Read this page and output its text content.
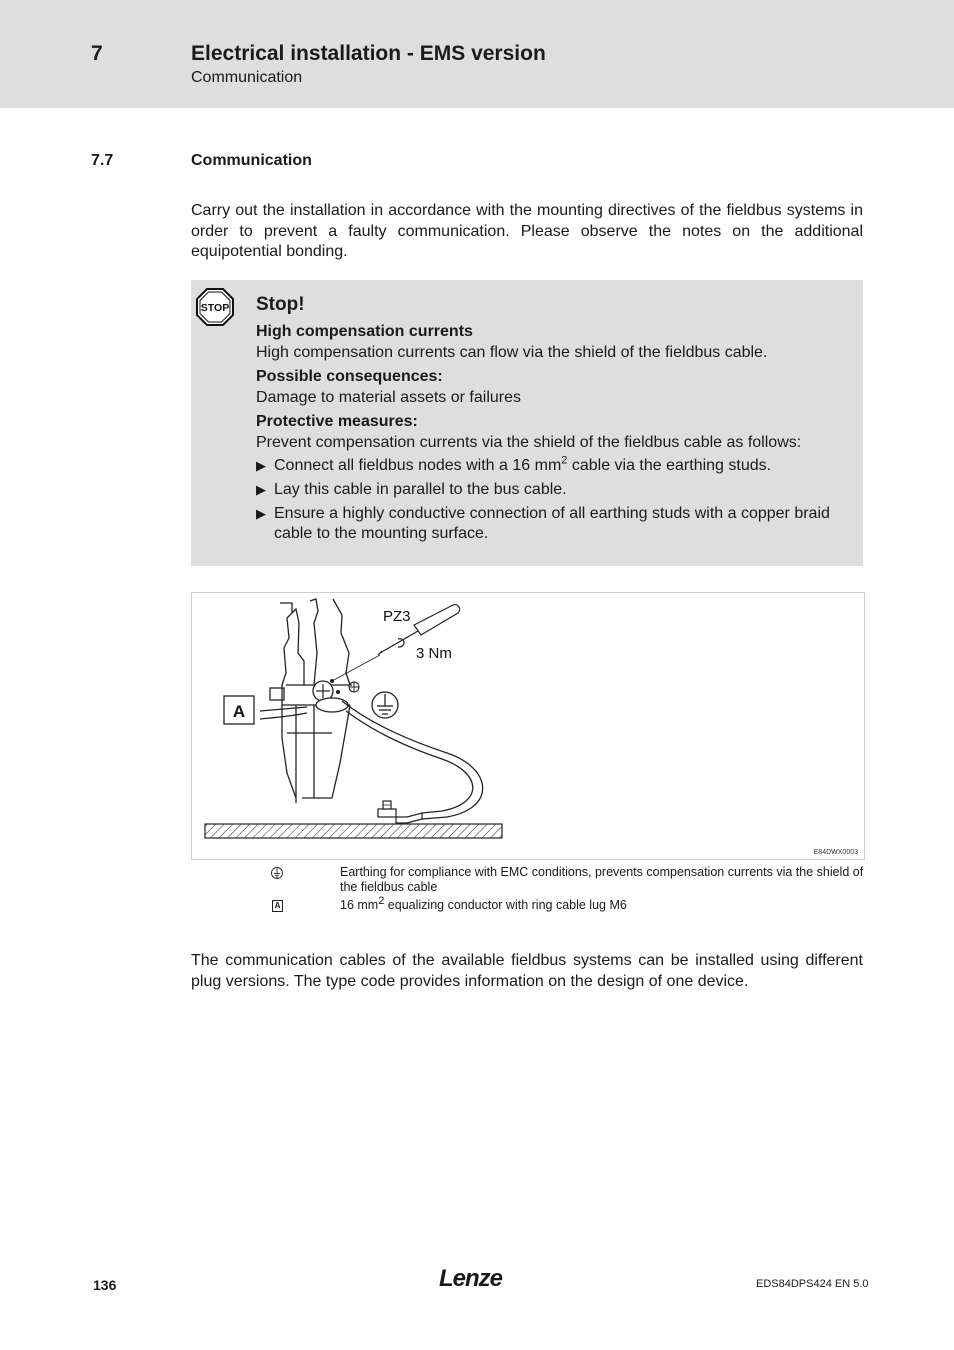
7	Electrical installation - EMS version
Communication
7.7	Communication

Carry out the installation in accordance with the mounting directives of the fieldbus systems in order to prevent a faulty communication. Please observe the notes on the additional equipotential bonding.

STOP Stop!
High compensation currents
High compensation currents can flow via the shield of the fieldbus cable.
Possible consequences:
Damage to material assets or failures
Protective measures:
Prevent compensation currents via the shield of the fieldbus cable as follows:
▶ Connect all fieldbus nodes with a 16 $mm^2$ cable via the earthing studs.
▶ Lay this cable in parallel to the bus cable.
▶ Ensure a highly conductive connection of all earthing studs with a copper braid cable to the mounting surface.
A
PZ3
3 Nm
E84DWX0003
Earthing for compliance with EMC conditions, prevents compensation currents via the shield of the fieldbus cable
A	16 $mm^2$ equalizing conductor with ring cable lug M6

The communication cables of the available fieldbus systems can be installed using different plug versions. The type code provides information on the design of one device.

136	Lenze	EDS84DPS424 EN 5.0
